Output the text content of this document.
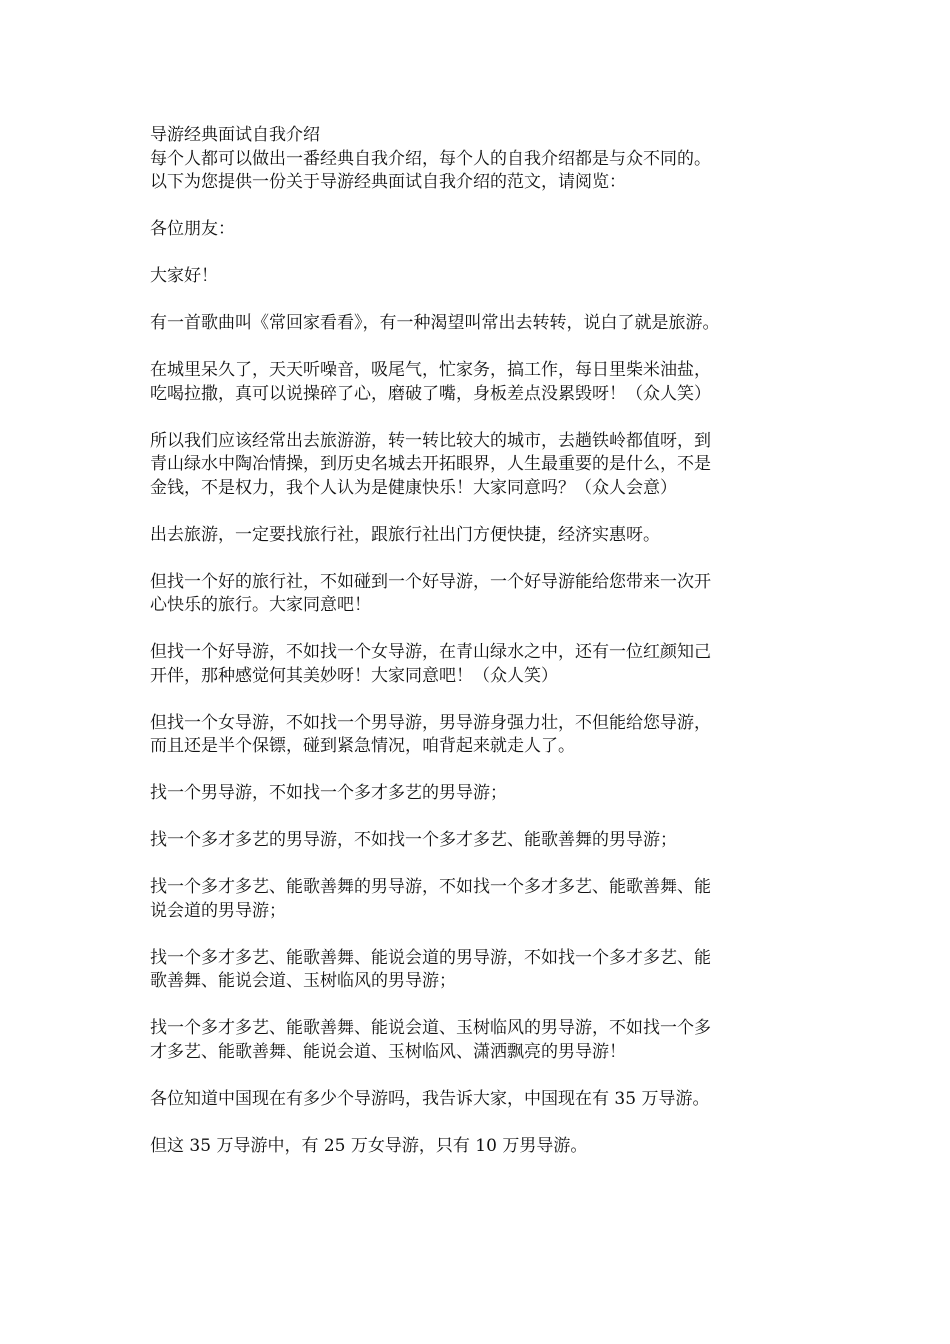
导游经典面试自我介绍
每个人都可以做出一番经典自我介绍，每个人的自我介绍都是与众不同的。
以下为您提供一份关于导游经典面试自我介绍的范文，请阅览：
各位朋友：
大家好！
有一首歌曲叫《常回家看看》，有一种渴望叫常出去转转，说白了就是旅游。
在城里呆久了，天天听噪音，吸尾气，忙家务，搞工作，每日里柴米油盐，
吃喝拉撒，真可以说操碎了心，磨破了嘴，身板差点没累毁呀！（众人笑）
所以我们应该经常出去旅游游，转一转比较大的城市，去趟铁岭都值呀，到
青山绿水中陶冶情操，到历史名城去开拓眼界，人生最重要的是什么，不是
金钱，不是权力，我个人认为是健康快乐！大家同意吗？（众人会意）
出去旅游，一定要找旅行社，跟旅行社出门方便快捷，经济实惠呀。
但找一个好的旅行社，不如碰到一个好导游，一个好导游能给您带来一次开
心快乐的旅行。大家同意吧！
但找一个好导游，不如找一个女导游，在青山绿水之中，还有一位红颜知己
开伴，那种感觉何其美妙呀！大家同意吧！（众人笑）
但找一个女导游，不如找一个男导游，男导游身强力壮，不但能给您导游，
而且还是半个保镖，碰到紧急情况，咱背起来就走人了。
找一个男导游，不如找一个多才多艺的男导游；
找一个多才多艺的男导游，不如找一个多才多艺、能歌善舞的男导游；
找一个多才多艺、能歌善舞的男导游，不如找一个多才多艺、能歌善舞、能
说会道的男导游；
找一个多才多艺、能歌善舞、能说会道的男导游，不如找一个多才多艺、能
歌善舞、能说会道、玉树临风的男导游；
找一个多才多艺、能歌善舞、能说会道、玉树临风的男导游，不如找一个多
才多艺、能歌善舞、能说会道、玉树临风、潇洒飘亮的男导游！
各位知道中国现在有多少个导游吗，我告诉大家，中国现在有 35 万导游。
但这 35 万导游中，有 25 万女导游，只有 10 万男导游。
